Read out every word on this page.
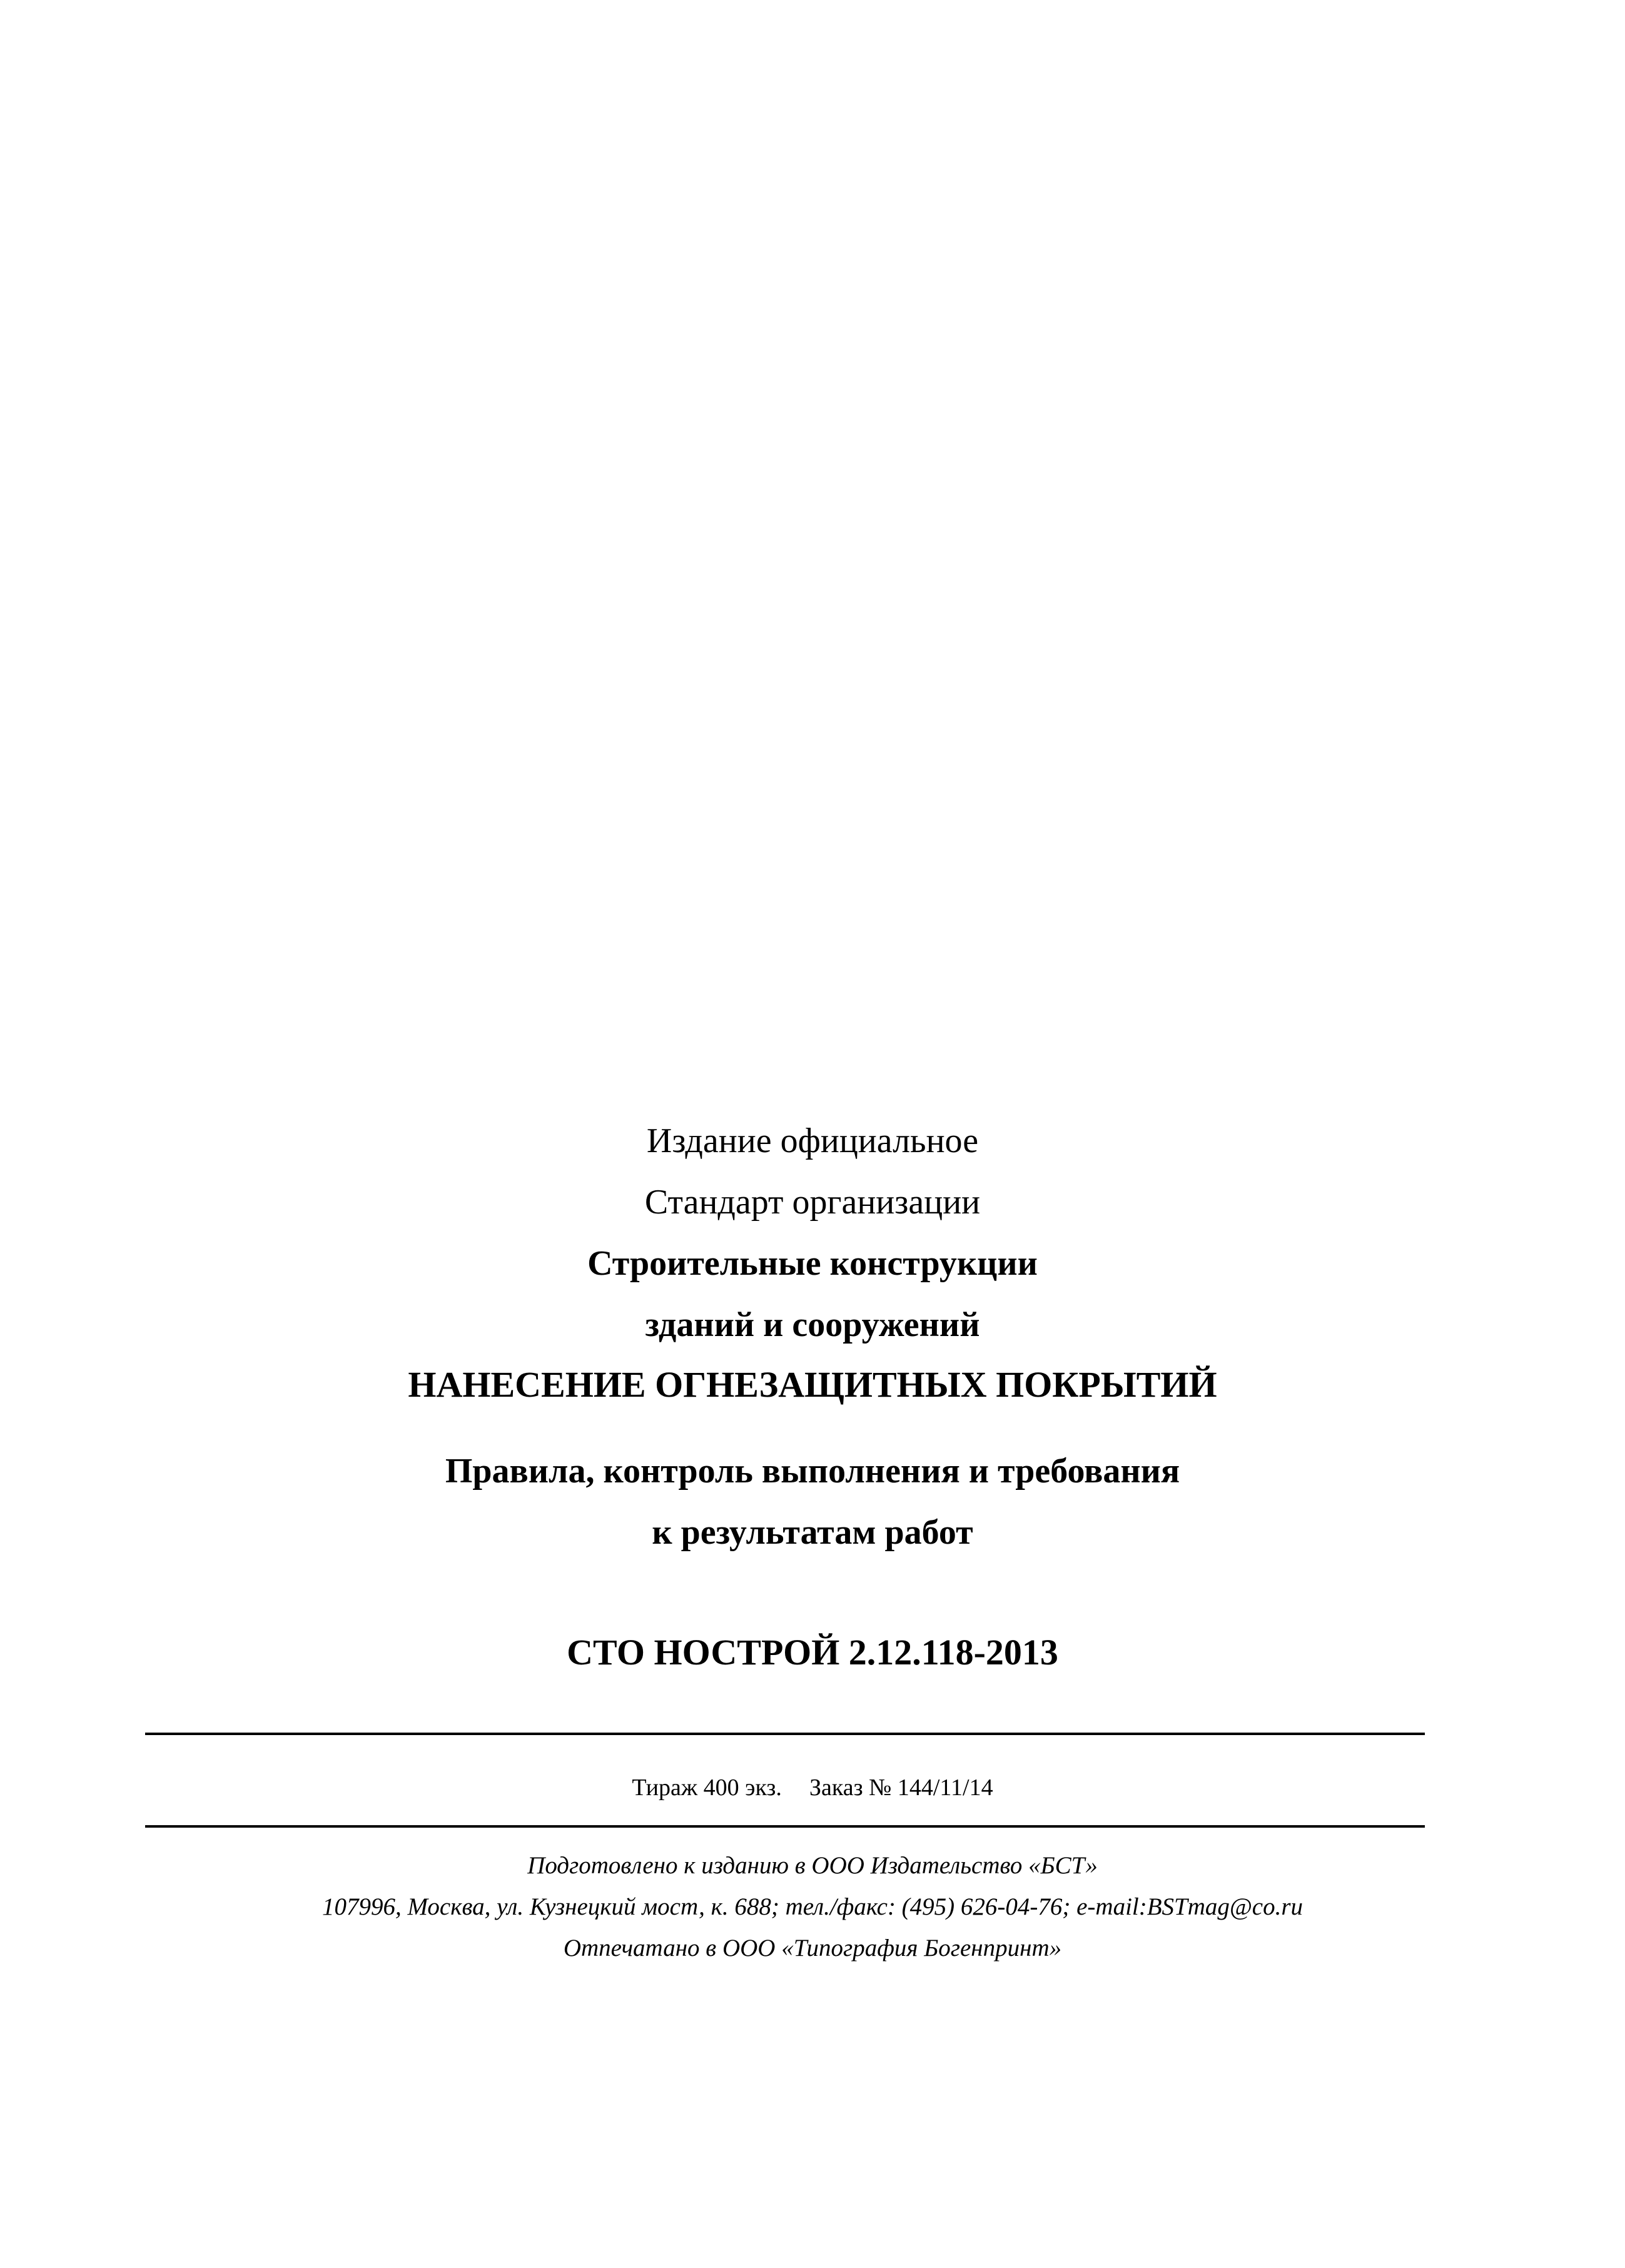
Издание официальное
Стандарт организации
Строительные конструкции
зданий и сооружений
НАНЕСЕНИЕ ОГНЕЗАЩИТНЫХ ПОКРЫТИЙ
Правила, контроль выполнения и требования
к результатам работ
СТО НОСТРОЙ 2.12.118-2013
Тираж 400 экз. Заказ № 144/11/14
Подготовлено к изданию в ООО Издательство «БСТ»
107996, Москва, ул. Кузнецкий мост, к. 688; тел./факс: (495) 626-04-76; e-mail:BSTmag@co.ru
Отпечатано в ООО «Типография Богенпринт»
